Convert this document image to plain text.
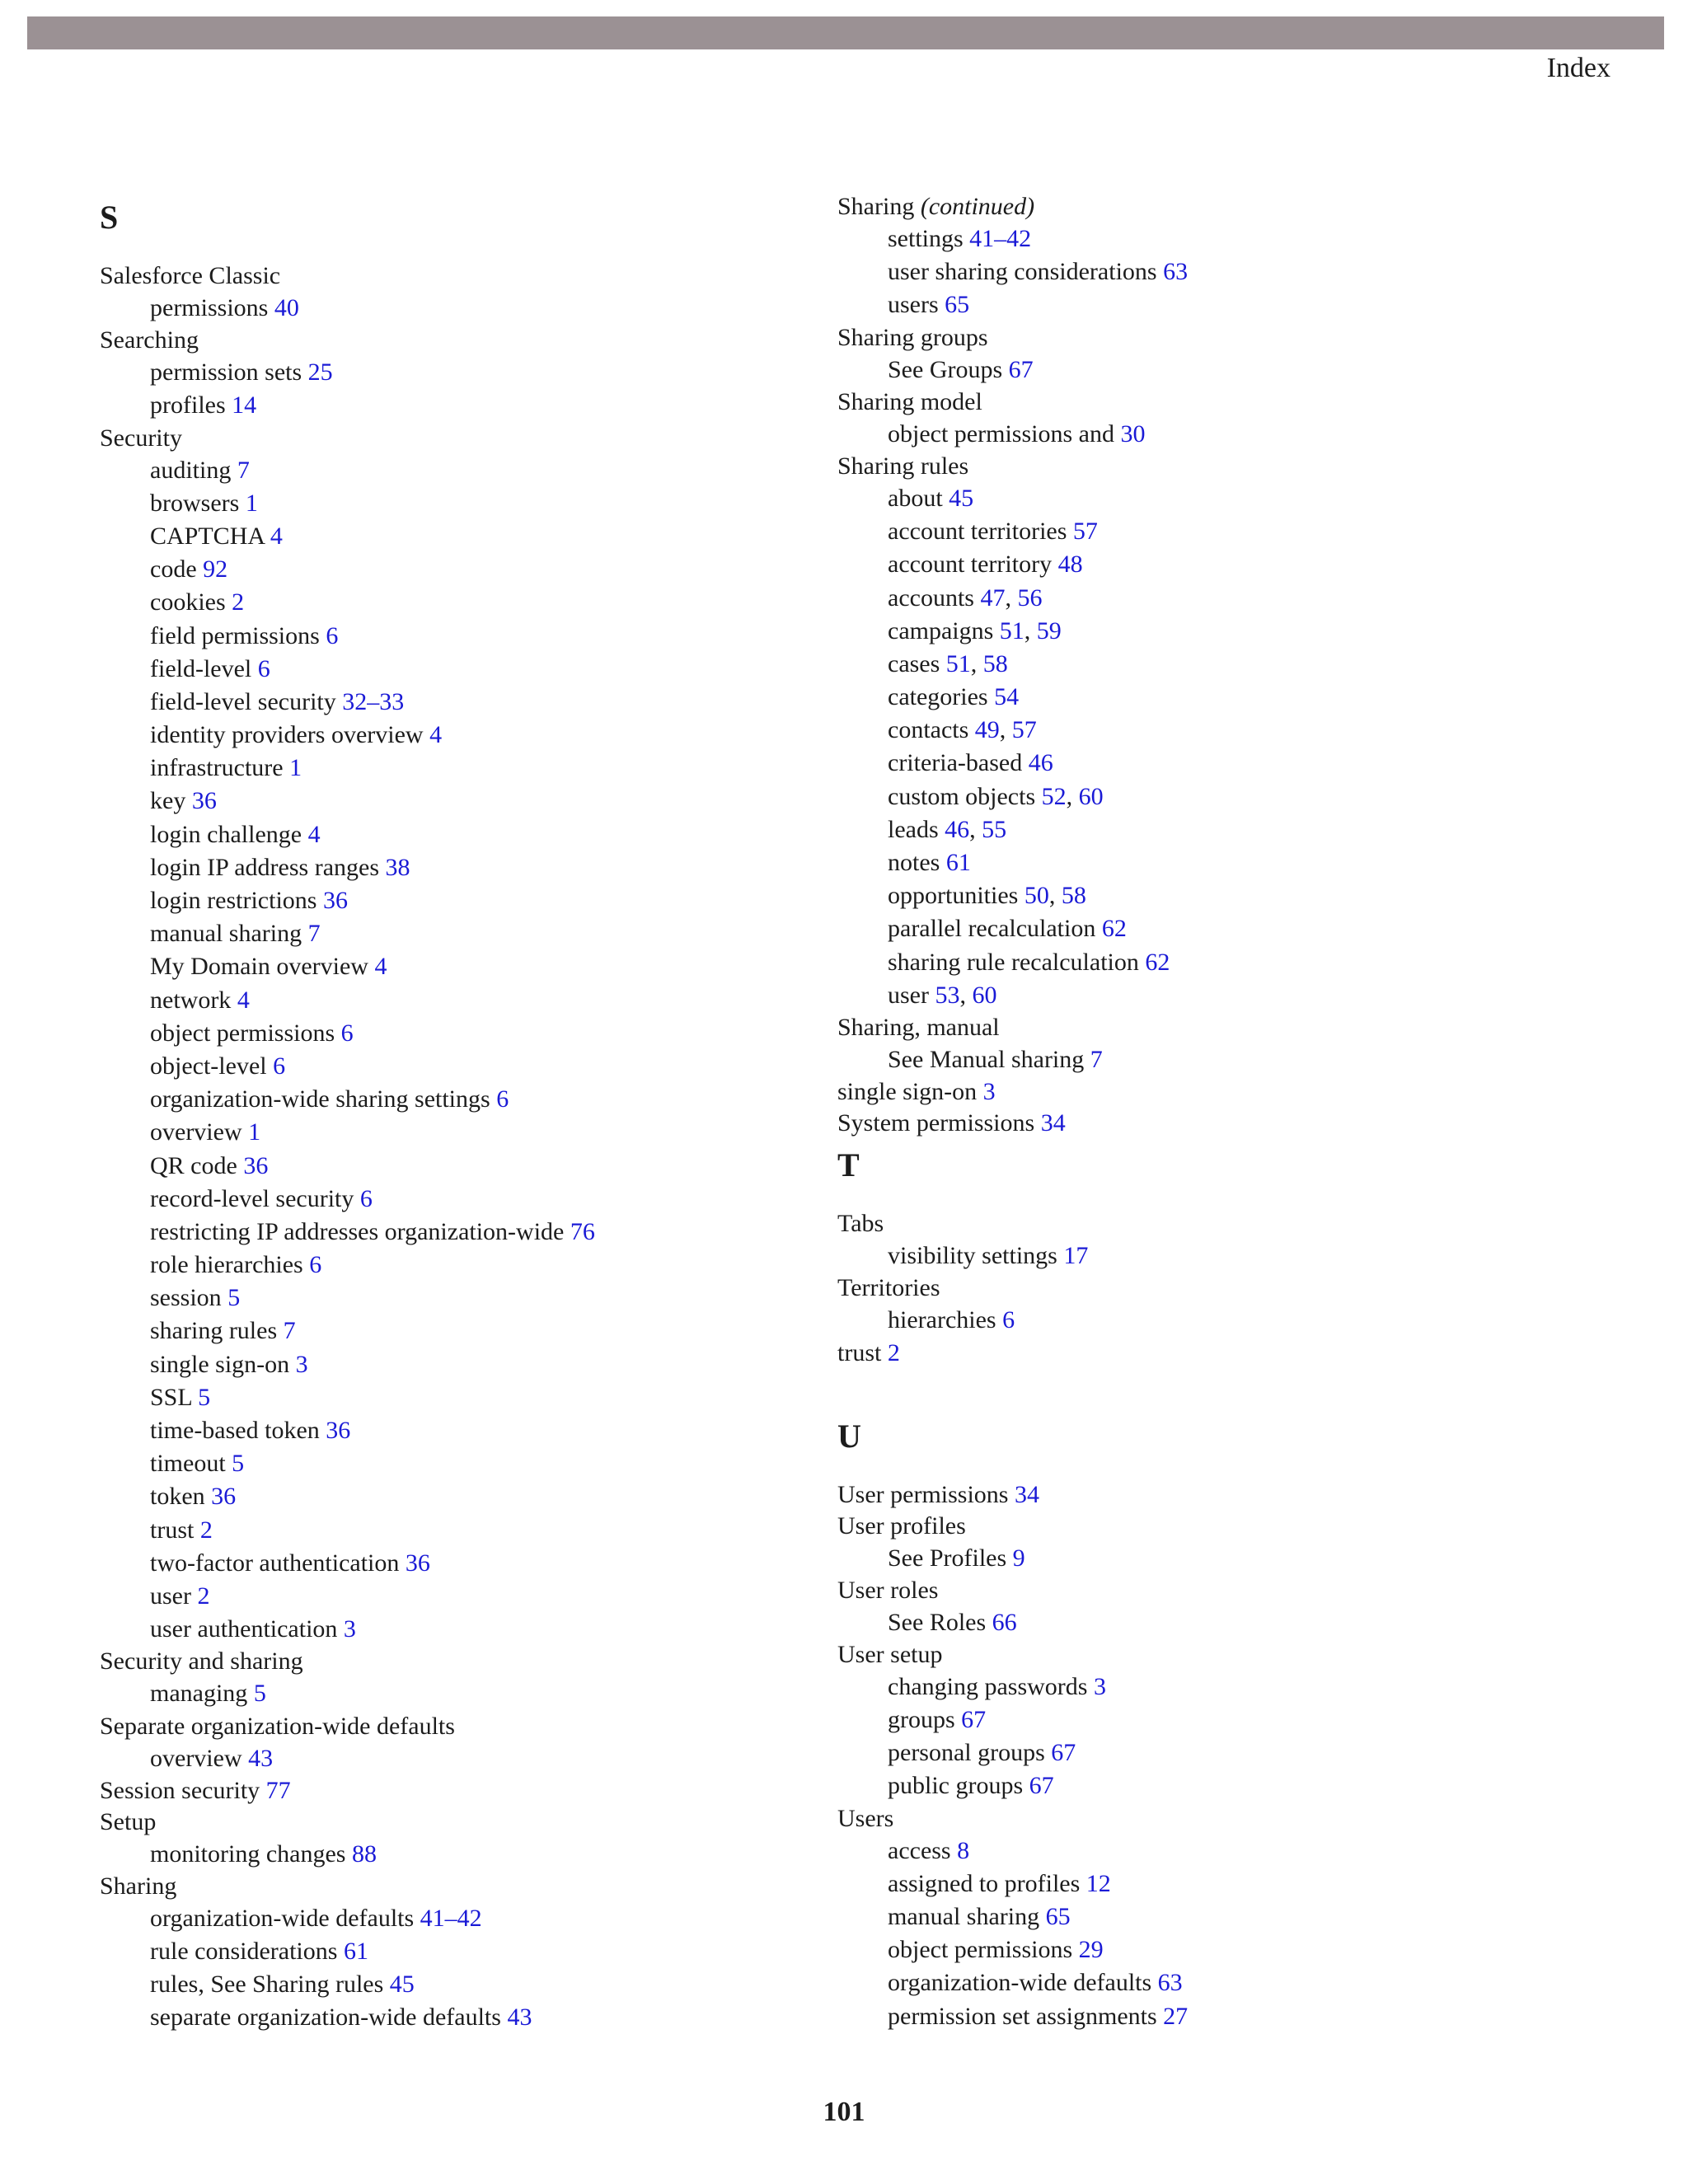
Index
S
Salesforce Classic
permissions 40
Searching
permission sets 25
profiles 14
Security
auditing 7
browsers 1
CAPTCHA 4
code 92
cookies 2
field permissions 6
field-level 6
field-level security 32–33
identity providers overview 4
infrastructure 1
key 36
login challenge 4
login IP address ranges 38
login restrictions 36
manual sharing 7
My Domain overview 4
network 4
object permissions 6
object-level 6
organization-wide sharing settings 6
overview 1
QR code 36
record-level security 6
restricting IP addresses organization-wide 76
role hierarchies 6
session 5
sharing rules 7
single sign-on 3
SSL 5
time-based token 36
timeout 5
token 36
trust 2
two-factor authentication 36
user 2
user authentication 3
Security and sharing
managing 5
Separate organization-wide defaults
overview 43
Session security 77
Setup
monitoring changes 88
Sharing
organization-wide defaults 41–42
rule considerations 61
rules, See Sharing rules 45
separate organization-wide defaults 43
Sharing (continued)
settings 41–42
user sharing considerations 63
users 65
Sharing groups
See Groups 67
Sharing model
object permissions and 30
Sharing rules
about 45
account territories 57
account territory 48
accounts 47, 56
campaigns 51, 59
cases 51, 58
categories 54
contacts 49, 57
criteria-based 46
custom objects 52, 60
leads 46, 55
notes 61
opportunities 50, 58
parallel recalculation 62
sharing rule recalculation 62
user 53, 60
Sharing, manual
See Manual sharing 7
single sign-on 3
System permissions 34
T
Tabs
visibility settings 17
Territories
hierarchies 6
trust 2
U
User permissions 34
User profiles
See Profiles 9
User roles
See Roles 66
User setup
changing passwords 3
groups 67
personal groups 67
public groups 67
Users
access 8
assigned to profiles 12
manual sharing 65
object permissions 29
organization-wide defaults 63
permission set assignments 27
101
